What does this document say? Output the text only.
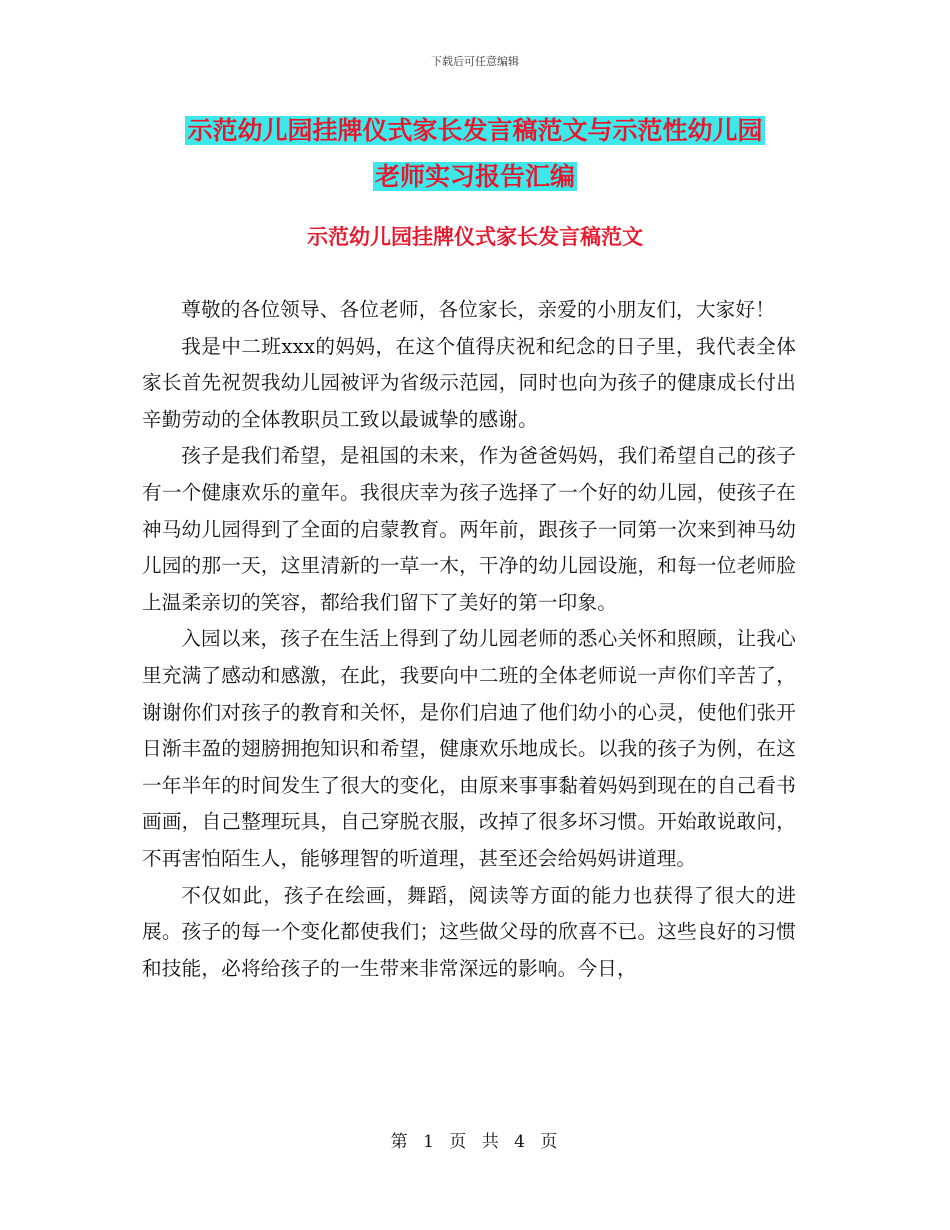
下载后可任意编辑
示范幼儿园挂牌仪式家长发言稿范文与示范性幼儿园
老师实习报告汇编
示范幼儿园挂牌仪式家长发言稿范文

尊敬的各位领导、各位老师，各位家长，亲爱的小朋友们，大家好！

我是中二班xxx的妈妈，在这个值得庆祝和纪念的日子里，我代表全体家长首先祝贺我幼儿园被评为省级示范园，同时也向为孩子的健康成长付出辛勤劳动的全体教职员工致以最诚挚的感谢。

孩子是我们希望，是祖国的未来，作为爸爸妈妈，我们希望自己的孩子有一个健康欢乐的童年。我很庆幸为孩子选择了一个好的幼儿园，使孩子在神马幼儿园得到了全面的启蒙教育。两年前，跟孩子一同第一次来到神马幼儿园的那一天，这里清新的一草一木，干净的幼儿园设施，和每一位老师脸上温柔亲切的笑容，都给我们留下了美好的第一印象。

入园以来，孩子在生活上得到了幼儿园老师的悉心关怀和照顾，让我心里充满了感动和感激，在此，我要向中二班的全体老师说一声你们辛苦了，谢谢你们对孩子的教育和关怀，是你们启迪了他们幼小的心灵，使他们张开日渐丰盈的翅膀拥抱知识和希望，健康欢乐地成长。以我的孩子为例，在这一年半年的时间发生了很大的变化，由原来事事黏着妈妈到现在的自己看书画画，自己整理玩具，自己穿脱衣服，改掉了很多坏习惯。开始敢说敢问，不再害怕陌生人，能够理智的听道理，甚至还会给妈妈讲道理。

不仅如此，孩子在绘画，舞蹈，阅读等方面的能力也获得了很大的进展。孩子的每一个变化都使我们；这些做父母的欣喜不已。这些良好的习惯和技能，必将给孩子的一生带来非常深远的影响。今日，

第 1 页 共 4 页
